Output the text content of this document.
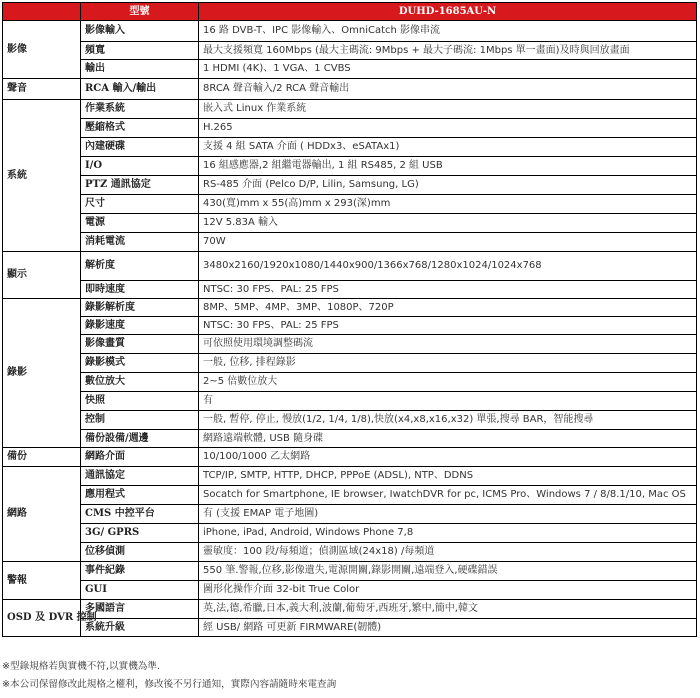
	型號	DUHD-1685AU-N
影像	影像輸入	16 路 DVB-T、IPC 影像輸入、OmniCatch 影像串流
	頻寬	最大支援頻寬 160Mbps (最大主碼流: 9Mbps + 最大子碼流: 1Mbps 單一畫面)及時與回放畫面
	輸出	1 HDMI (4K)、1 VGA、1 CVBS
聲音	RCA 輸入/輸出	8RCA 聲音輸入/2 RCA 聲音輸出
系統	作業系統	嵌入式 Linux 作業系統
	壓縮格式	H.265
	內建硬碟	支援 4 組 SATA 介面 ( HDDx3、eSATAx1)
	I/O	16 組感應器,2 組繼電器輸出, 1 組 RS485, 2 組 USB
	PTZ 通訊協定	RS-485 介面 (Pelco D/P, Lilin, Samsung, LG)
	尺寸	430(寬)mm x 55(高)mm x 293(深)mm
	電源	12V 5.83A 輸入
	消耗電流	70W
顯示	解析度	3480x2160/1920x1080/1440x900/1366x768/1280x1024/1024x768
	即時速度	NTSC: 30 FPS、PAL: 25 FPS
錄影	錄影解析度	8MP、5MP、4MP、3MP、1080P、720P
	錄影速度	NTSC: 30 FPS、PAL: 25 FPS
	影像畫質	可依照使用環境調整碼流
	錄影模式	一般, 位移, 排程錄影
	數位放大	2~5 倍數位放大
	快照	有
	控制	一般, 暫停, 停止, 慢放(1/2, 1/4, 1/8),快放(x4,x8,x16,x32) 單張,搜尋 BAR，智能搜尋
	備份設備/週邊	網路遠端軟體, USB 隨身碟
備份	網路介面	10/100/1000 乙太網路
網路	通訊協定	TCP/IP, SMTP, HTTP, DHCP, PPPoE (ADSL), NTP、DDNS
	應用程式	Socatch for Smartphone, IE browser, IwatchDVR for pc, ICMS Pro、Windows 7 / 8/8.1/10, Mac OS
	CMS 中控平台	有 (支援 EMAP 電子地圖)
	3G/ GPRS	iPhone, iPad, Android, Windows Phone 7,8
	位移偵測	靈敏度：100 段/每頻道；偵測區域(24x18) /每頻道
警報	事件紀錄	550 筆.警報,位移,影像遺失,電源開關,錄影開關,遠端登入,硬碟錯誤
	GUI	圖形化操作介面 32-bit True Color
OSD 及 DVR 控制	多國語言	英,法,德,希臘,日本,義大利,波蘭,葡萄牙,西班牙,繁中,簡中,韓文
	系統升級	經 USB/ 網路 可更新 FIRMWARE(韌體)
※型錄規格若與實機不符,以實機為準.
※本公司保留修改此規格之權利，修改後不另行通知，實際內容請隨時來電查詢
